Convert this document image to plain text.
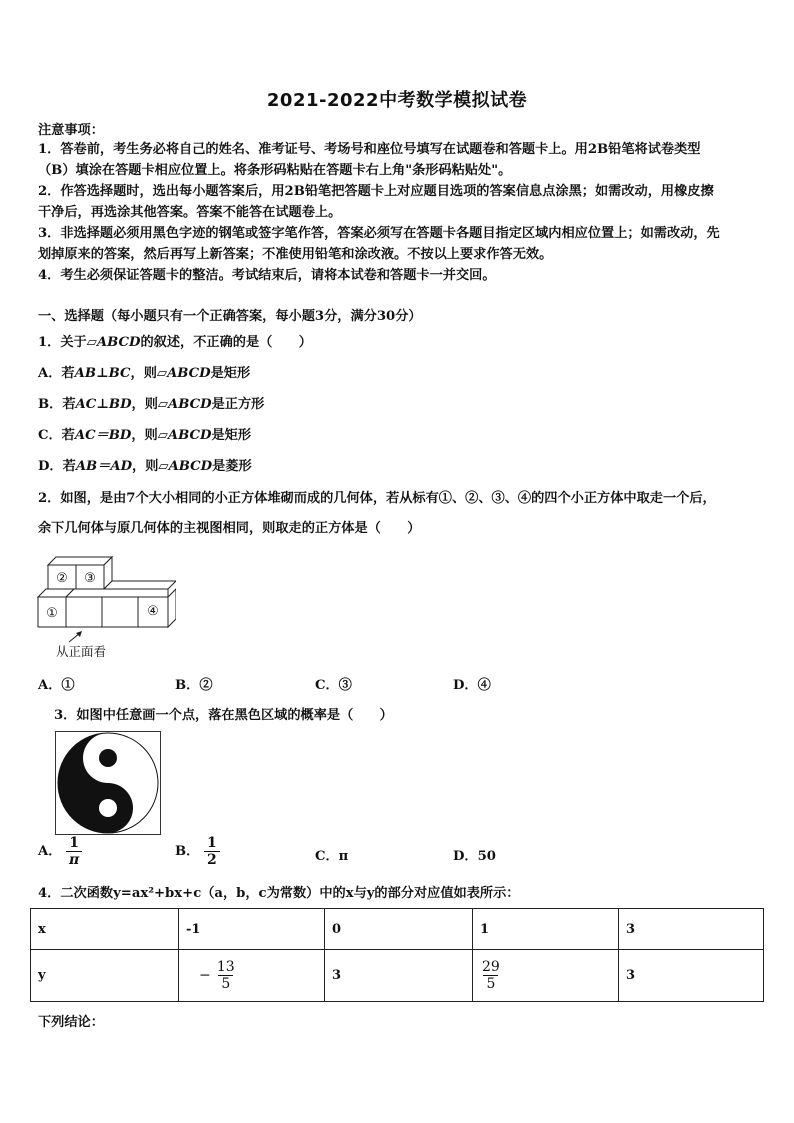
2021-2022中考数学模拟试卷
注意事项：
1．答卷前，考生务必将自己的姓名、准考证号、考场号和座位号填写在试题卷和答题卡上。用2B铅笔将试卷类型
（B）填涂在答题卡相应位置上。将条形码粘贴在答题卡右上角"条形码粘贴处"。
2．作答选择题时，选出每小题答案后，用2B铅笔把答题卡上对应题目选项的答案信息点涂黑；如需改动，用橡皮擦
干净后，再选涂其他答案。答案不能答在试题卷上。
3．非选择题必须用黑色字迹的钢笔或签字笔作答，答案必须写在答题卡各题目指定区域内相应位置上；如需改动，先
划掉原来的答案，然后再写上新答案；不准使用铅笔和涂改液。不按以上要求作答无效。
4．考生必须保证答题卡的整洁。考试结束后，请将本试卷和答题卡一并交回。
一、选择题（每小题只有一个正确答案，每小题3分，满分30分）
1．关于▱ABCD的叙述，不正确的是（　　）
A．若AB⊥BC，则▱ABCD是矩形
B．若AC⊥BD，则▱ABCD是正方形
C．若AC＝BD，则▱ABCD是矩形
D．若AB＝AD，则▱ABCD是菱形
2．如图，是由7个大小相同的小正方体堆砌而成的几何体，若从标有①、②、③、④的四个小正方体中取走一个后，
余下几何体与原几何体的主视图相同，则取走的正方体是（　　）
② ③
①	④
从正面看
A．①	B．②	C．③	D．④
3．如图中任意画一个点，落在黑色区域的概率是（　　）
A． $\frac{1}{\pi}$	B． $\frac{1}{2}$	C．π	D．50
4．二次函数y=ax²+bx+c（a，b，c为常数）中的x与y的部分对应值如表所示：
x	-1	0	1	3
y	− $\frac{13}{5}$	3	$\frac{29}{5}$	3
下列结论：
